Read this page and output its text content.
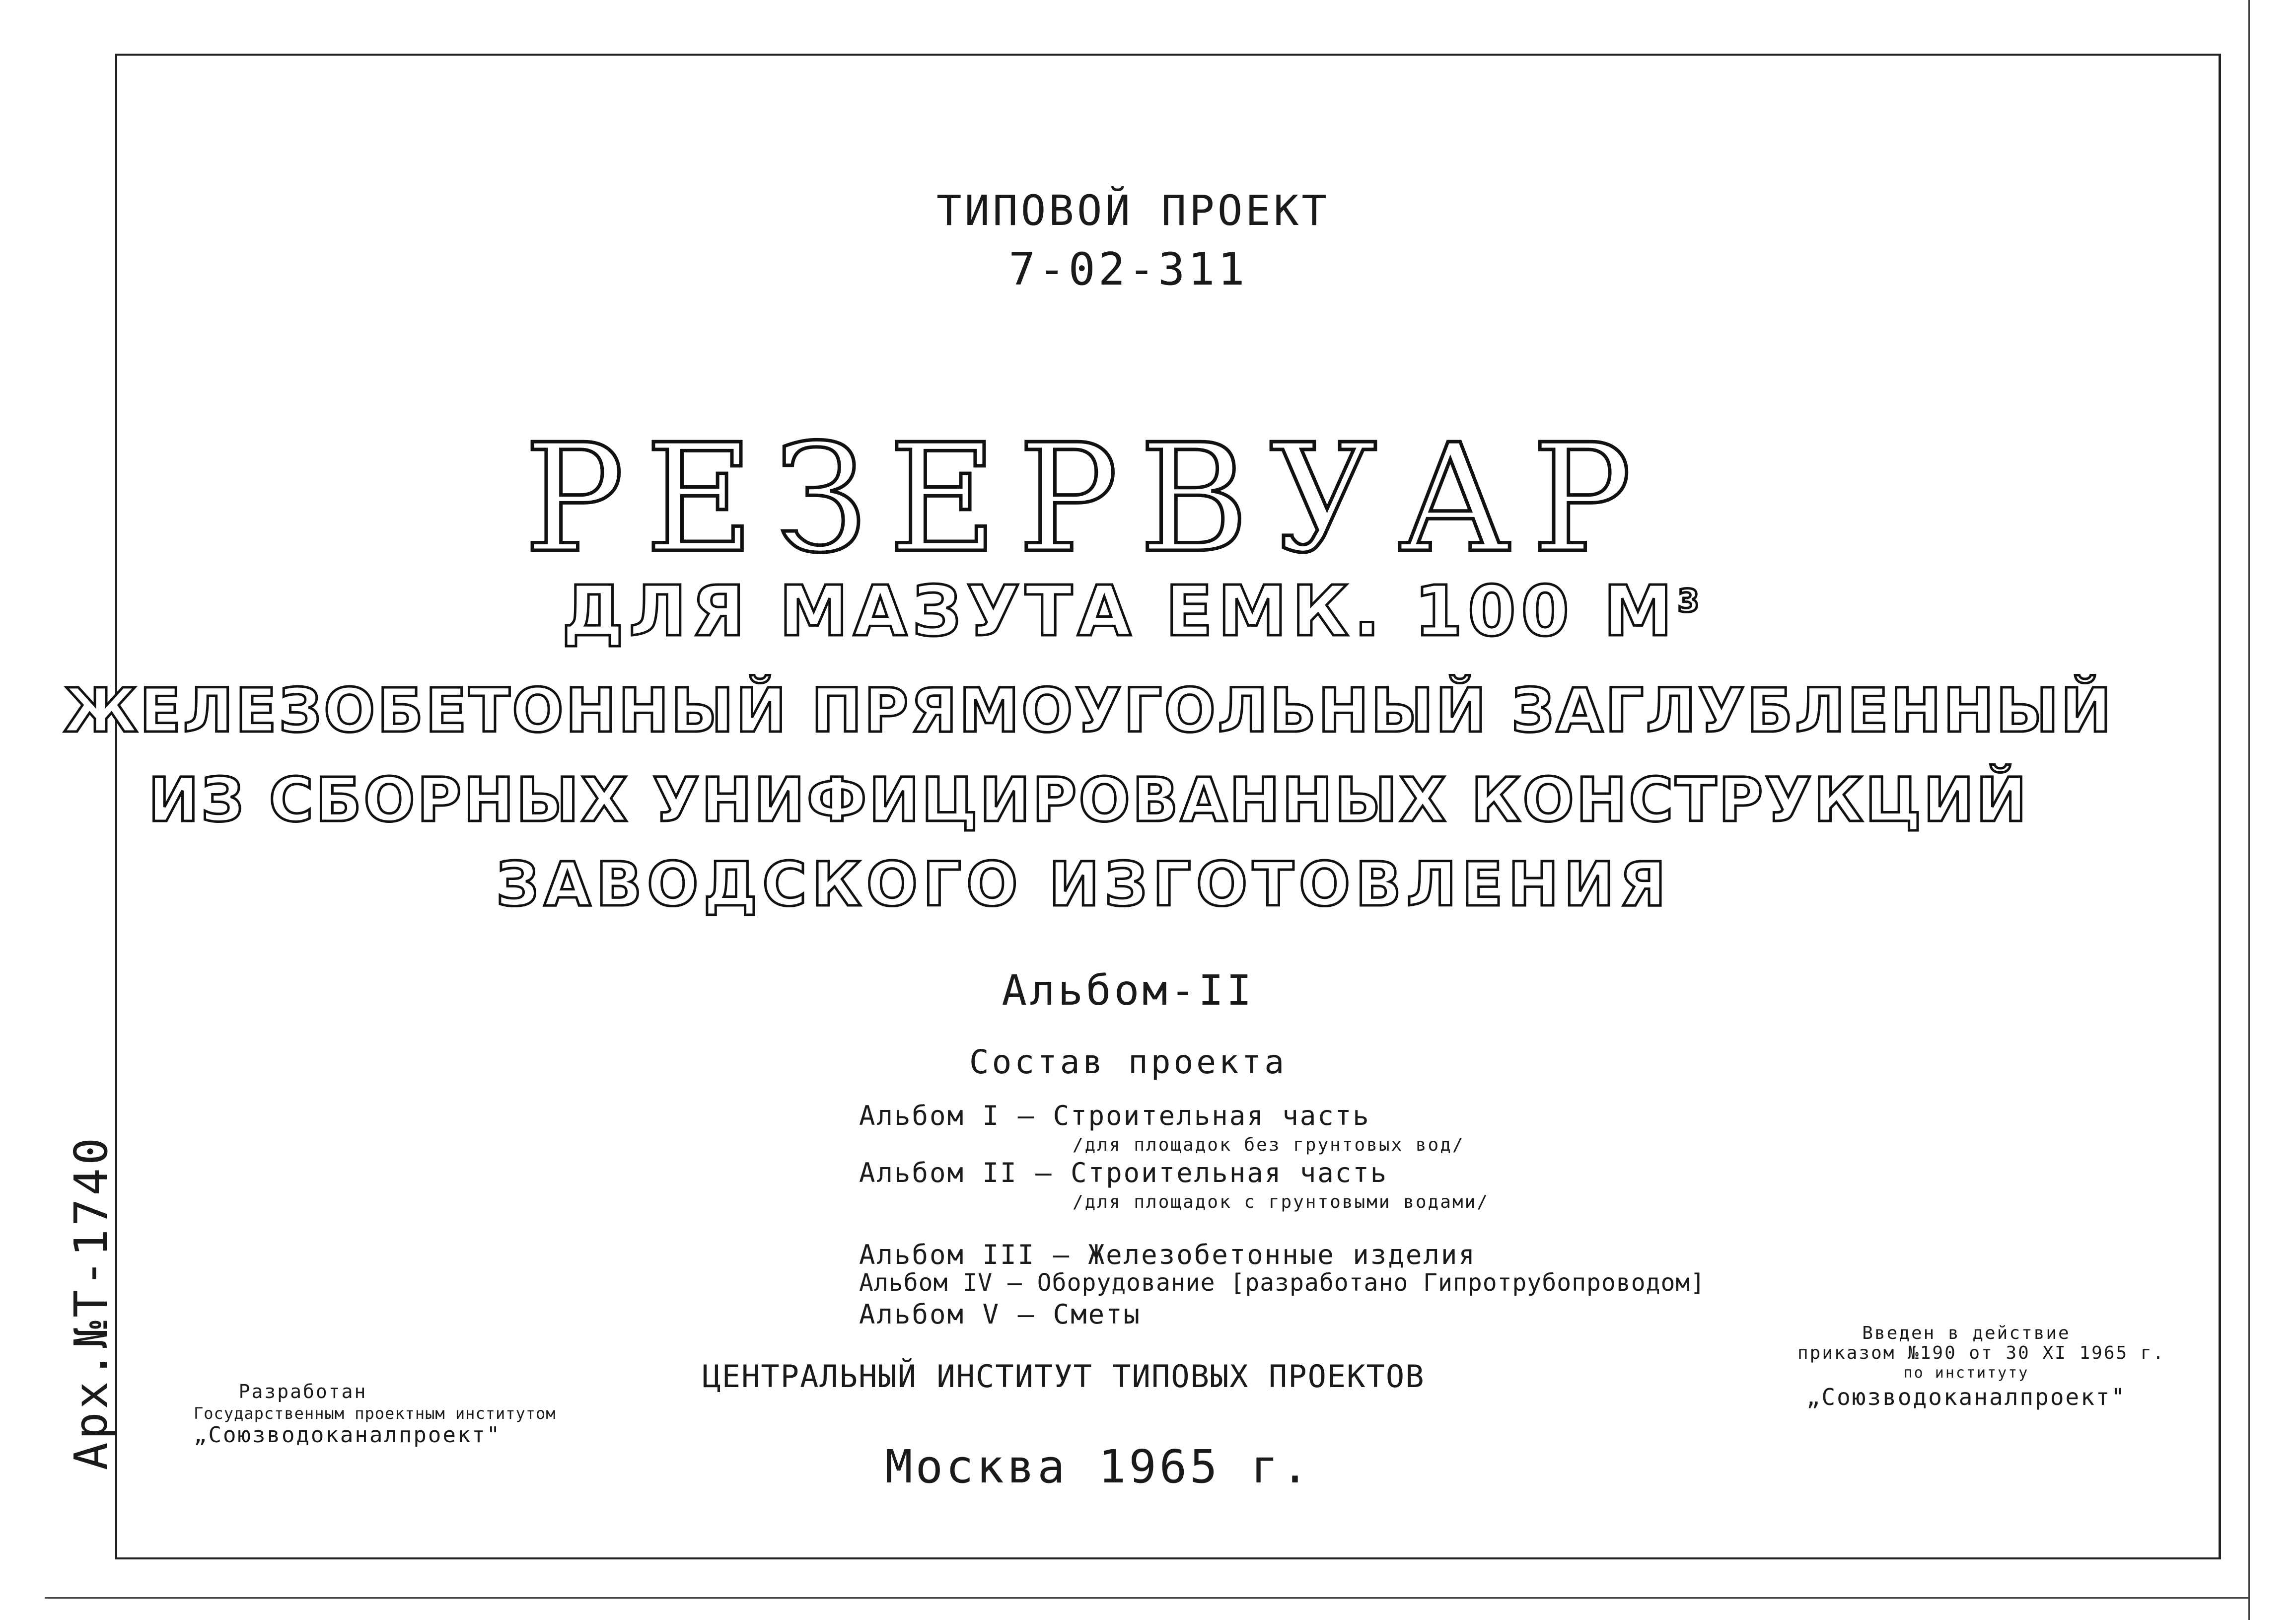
ТИПОВОЙ ПРОЕКТ
7-02-311
РЕЗЕРВУАР
ДЛЯ МАЗУТА ЕМК. 100 $М^3$
ЖЕЛЕЗОБЕТОННЫЙ ПРЯМОУГОЛЬНЫЙ ЗАГЛУБЛЕННЫЙ
ИЗ СБОРНЫХ УНИФИЦИРОВАННЫХ КОНСТРУКЦИЙ
ЗАВОДСКОГО ИЗГОТОВЛЕНИЯ
Альбом-II
Состав проекта
Альбом I — Строительная часть
/для площадок без грунтовых вод/
Альбом II — Строительная часть
/для площадок с грунтовыми водами/
Альбом III — Железобетонные изделия
Альбом IV — Оборудование [разработано Гипротрубопроводом]
Альбом V — Сметы
ЦЕНТРАЛЬНЫЙ ИНСТИТУТ ТИПОВЫХ ПРОЕКТОВ
Москва 1965 г.
Разработан
Государственным проектным институтом
„Союзводоканалпроект"
Введен в действие
приказом №190 от 30 XI 1965 г.
по институту
„Союзводоканалпроект"
Арх.№Т-1740
